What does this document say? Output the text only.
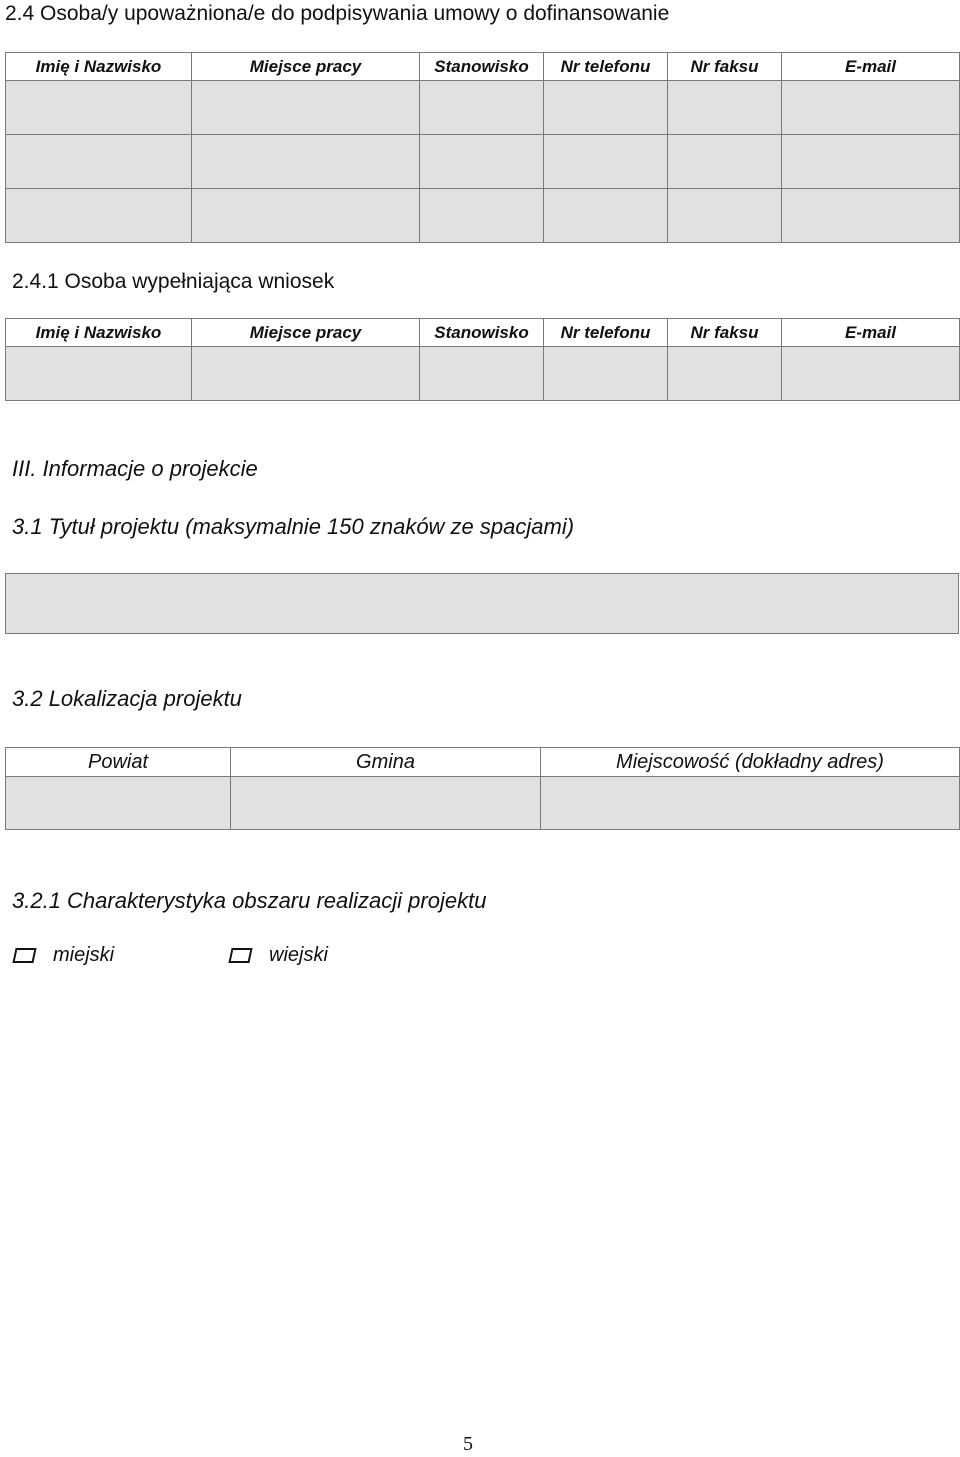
2.4 Osoba/y upoważniona/e do podpisywania umowy o dofinansowanie
Imię i Nazwisko	Miejsce pracy	Stanowisko	Nr telefonu	Nr faksu	E-mail

2.4.1 Osoba wypełniająca wniosek
Imię i Nazwisko	Miejsce pracy	Stanowisko	Nr telefonu	Nr faksu	E-mail

III. Informacje o projekcie
3.1 Tytuł projektu (maksymalnie 150 znaków ze spacjami)
3.2 Lokalizacja projektu
Powiat	Gmina	Miejscowość (dokładny adres)

3.2.1 Charakterystyka obszaru realizacji projektu
miejski	wiejski
5
